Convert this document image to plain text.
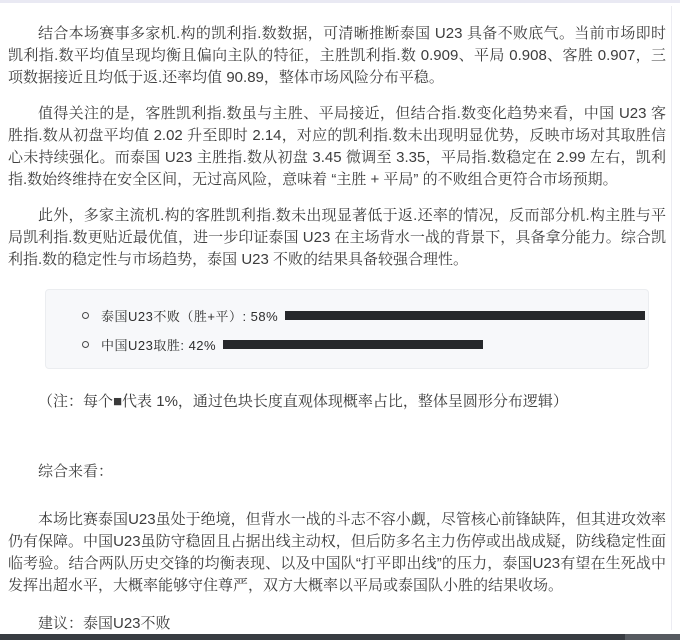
结合本场赛事多家机.构的凯利指.数数据，可清晰推断泰国 U23 具备不败底气。当前市场即时凯利指.数平均值呈现均衡且偏向主队的特征，主胜凯利指.数 0.909、平局 0.908、客胜 0.907，三项数据接近且均低于返.还率均值 90.89，整体市场风险分布平稳。

值得关注的是，客胜凯利指.数虽与主胜、平局接近，但结合指.数变化趋势来看，中国 U23 客胜指.数从初盘平均值 2.02 升至即时 2.14，对应的凯利指.数未出现明显优势，反映市场对其取胜信心未持续强化。而泰国 U23 主胜指.数从初盘 3.45 微调至 3.35，平局指.数稳定在 2.99 左右，凯利指.数始终维持在安全区间，无过高风险，意味着 “主胜 + 平局” 的不败组合更符合市场预期。

此外，多家主流机.构的客胜凯利指.数未出现显著低于返.还率的情况，反而部分机.构主胜与平局凯利指.数更贴近最优值，进一步印证泰国 U23 在主场背水一战的背景下，具备拿分能力。综合凯利指.数的稳定性与市场趋势，泰国 U23 不败的结果具备较强合理性。

泰国U23不败（胜+平）: 58%
中国U23取胜: 42%

（注：每个■代表 1%，通过色块长度直观体现概率占比，整体呈圆形分布逻辑）

综合来看：

本场比赛泰国U23虽处于绝境，但背水一战的斗志不容小觑，尽管核心前锋缺阵，但其进攻效率仍有保障。中国U23虽防守稳固且占据出线主动权，但后防多名主力伤停或出战成疑，防线稳定性面临考验。结合两队历史交锋的均衡表现、以及中国队“打平即出线”的压力，泰国U23有望在生死战中发挥出超水平，大概率能够守住尊严，双方大概率以平局或泰国队小胜的结果收场。

建议：泰国U23不败
